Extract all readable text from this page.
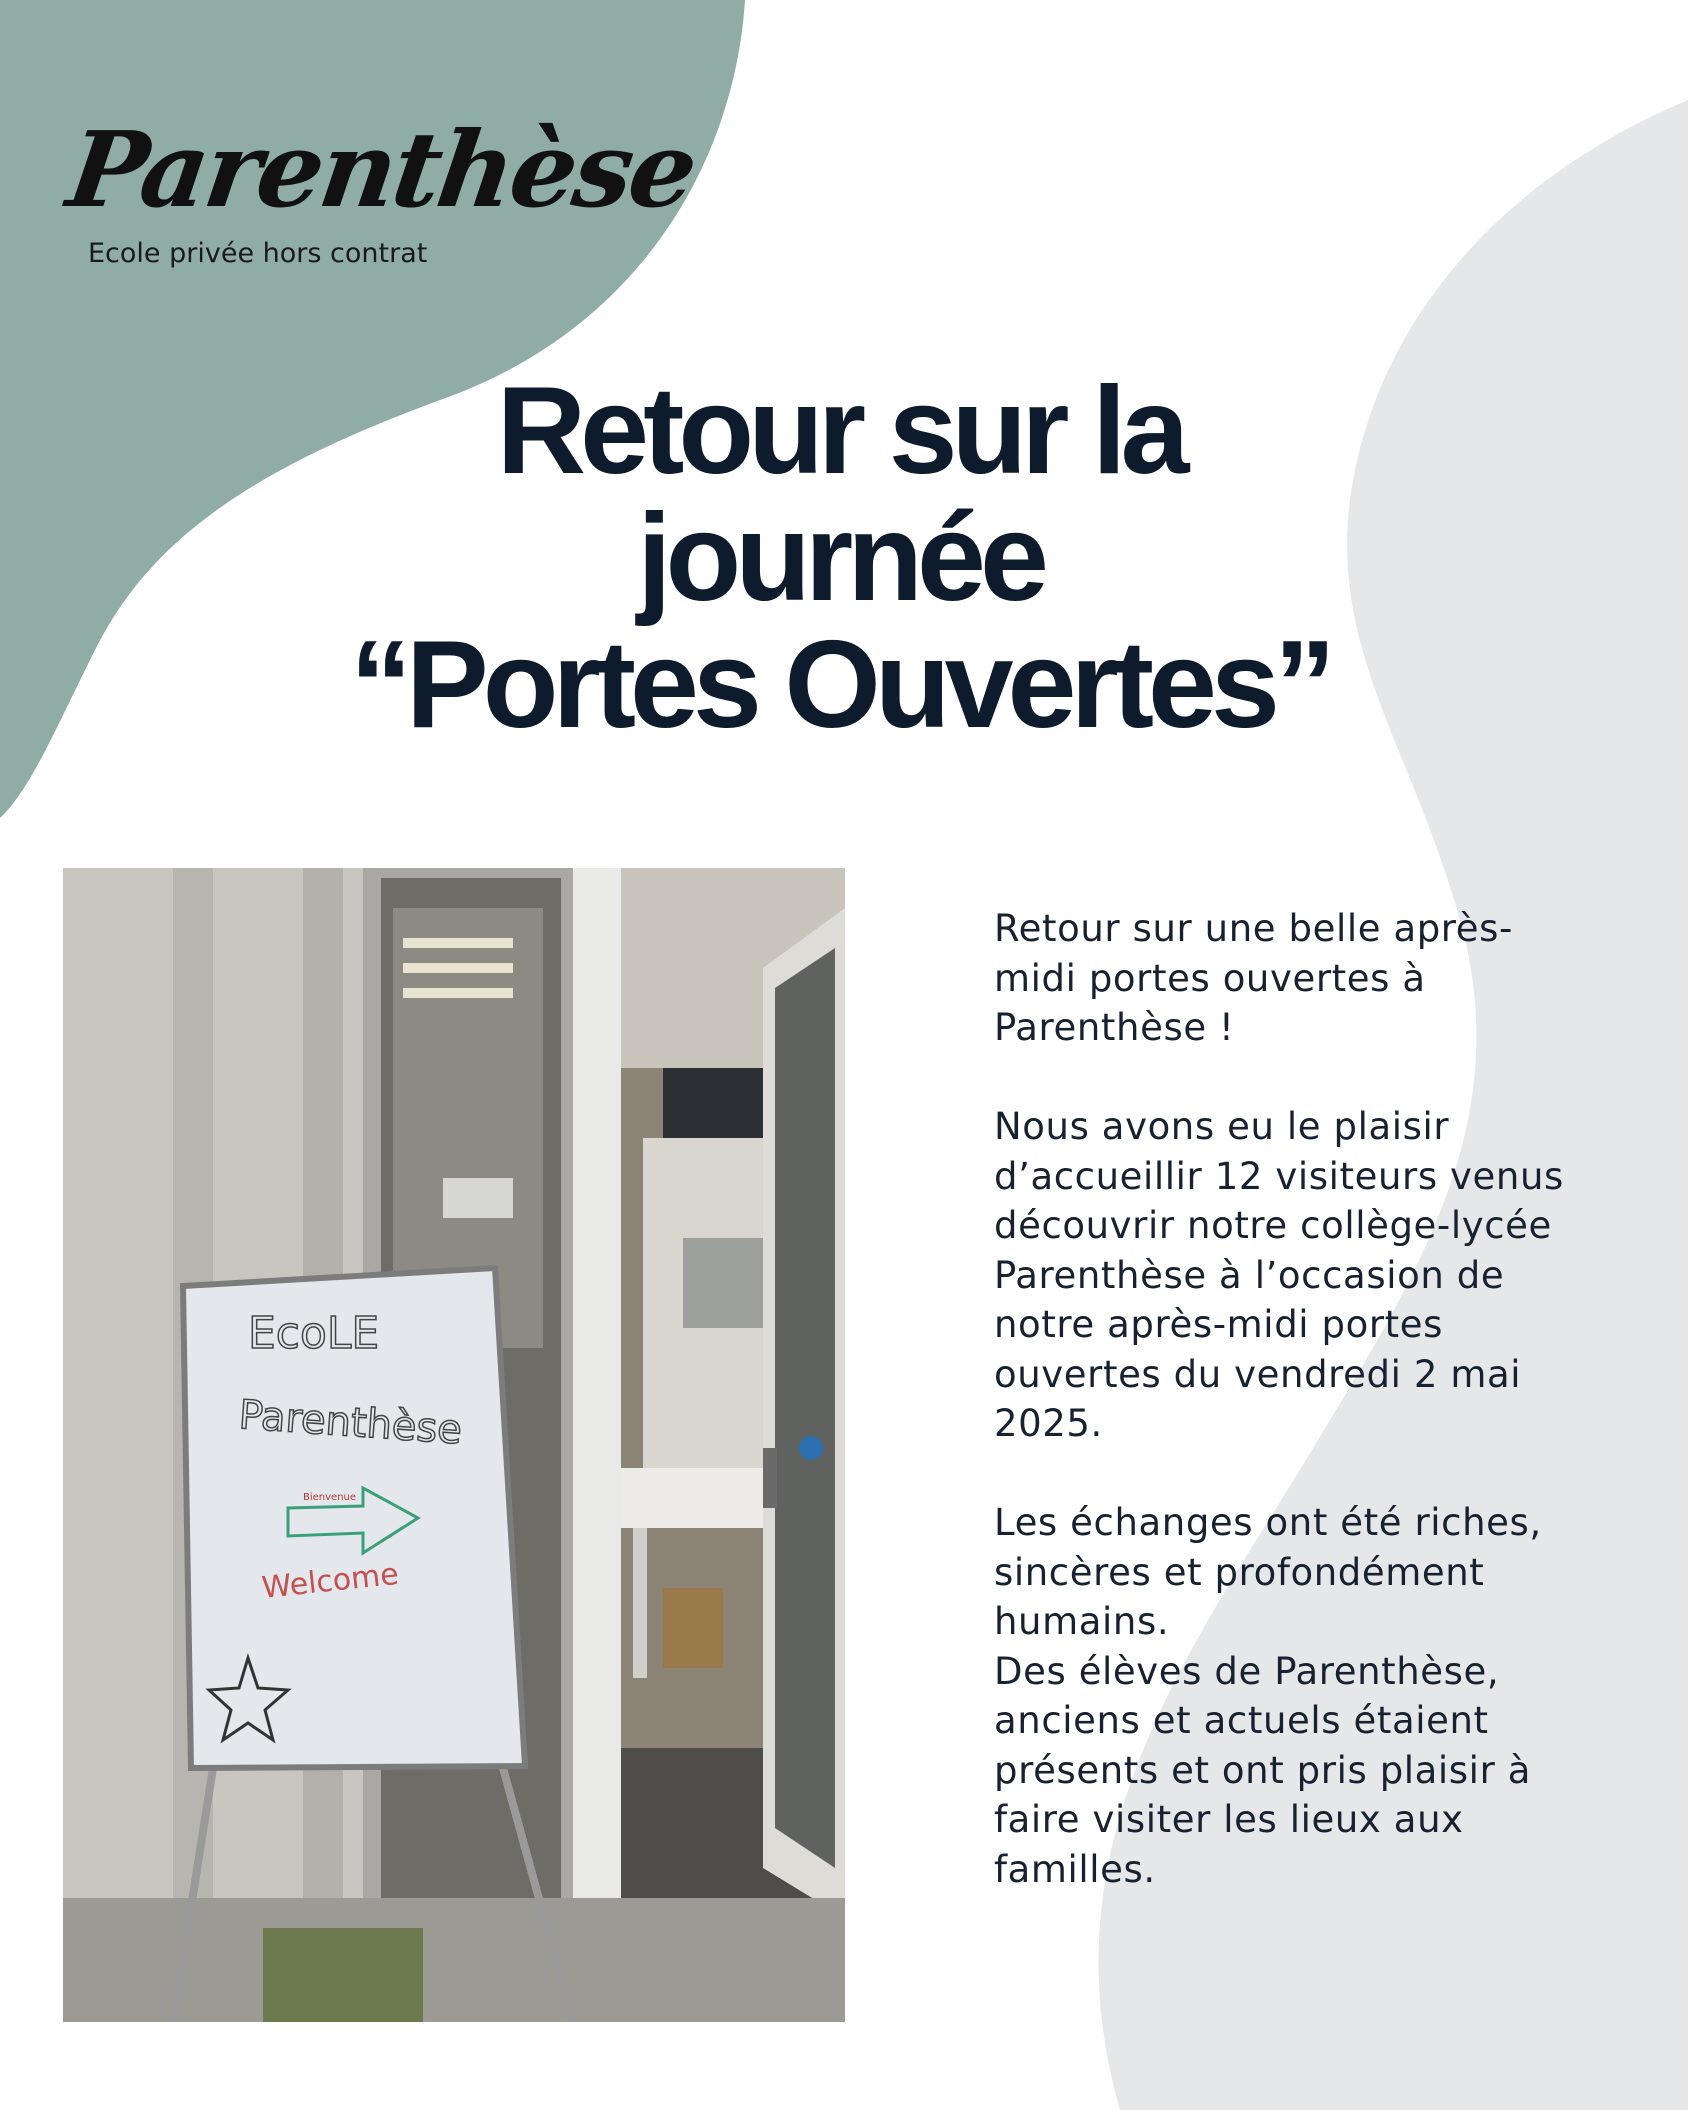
Parenthèse
Ecole privée hors contrat
Retour sur la
journée
“Portes Ouvertes”
EcoLE
Parenthèse
Bienvenue
Welcome

Retour sur une belle après-midi portes ouvertes à Parenthèse !

Nous avons eu le plaisir d’accueillir 12 visiteurs venus découvrir notre collège-lycée Parenthèse à l’occasion de notre après-midi portes ouvertes du vendredi 2 mai 2025.

Les échanges ont été riches, sincères et profondément humains.

Des élèves de Parenthèse, anciens et actuels étaient présents et ont pris plaisir à faire visiter les lieux aux familles.
